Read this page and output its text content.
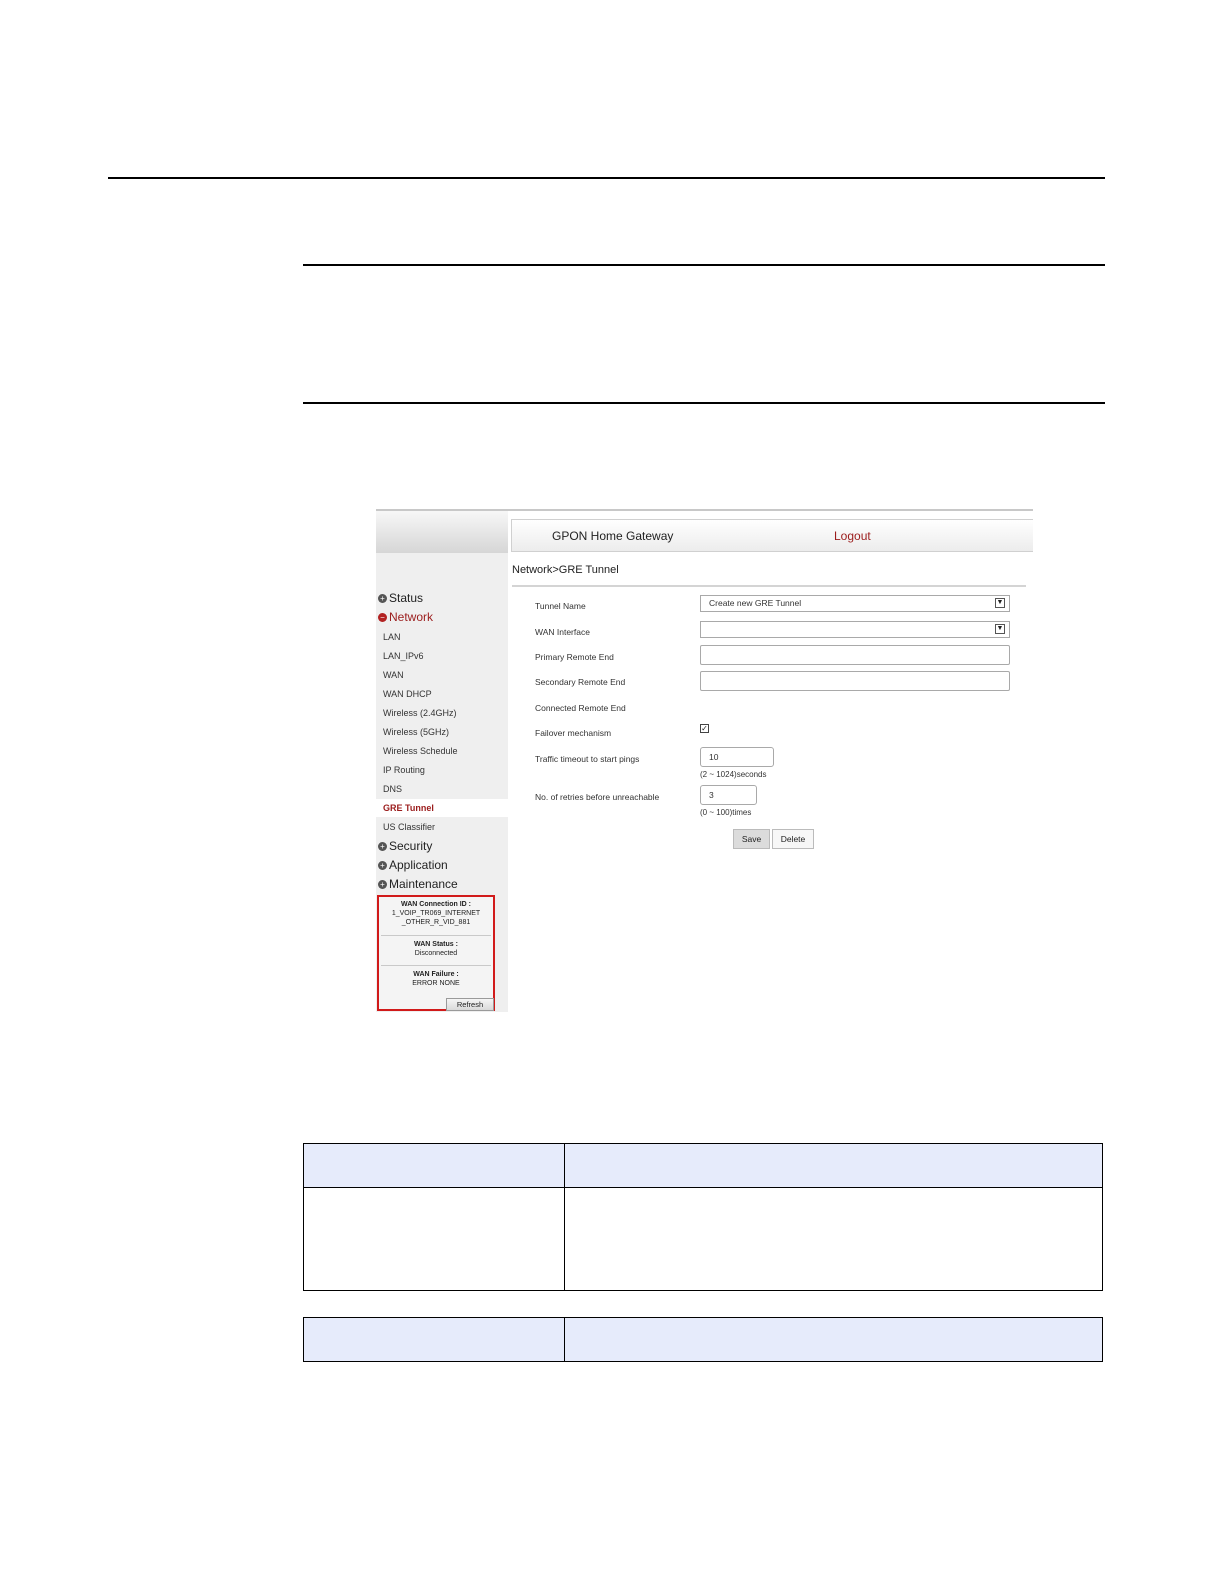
+ Status
− Network
LAN
LAN_IPv6
WAN
WAN DHCP
Wireless (2.4GHz)
Wireless (5GHz)
Wireless Schedule
IP Routing
DNS
GRE Tunnel
US Classifier
+ Security
+ Application
+ Maintenance
WAN Connection ID :
1_VOIP_TR069_INTERNET
_OTHER_R_VID_881
WAN Status :
Disconnected
WAN Failure :
ERROR NONE
Refresh
GPON Home Gateway	Logout
Network>GRE Tunnel
Tunnel Name	Create new GRE Tunnel	▼
WAN Interface	▼
Primary Remote End
Secondary Remote End
Connected Remote End
Failover mechanism	✓
Traffic timeout to start pings	10
(2 ~ 1024)seconds
No. of retries before unreachable	3
(0 ~ 100)times
Save	Delete
